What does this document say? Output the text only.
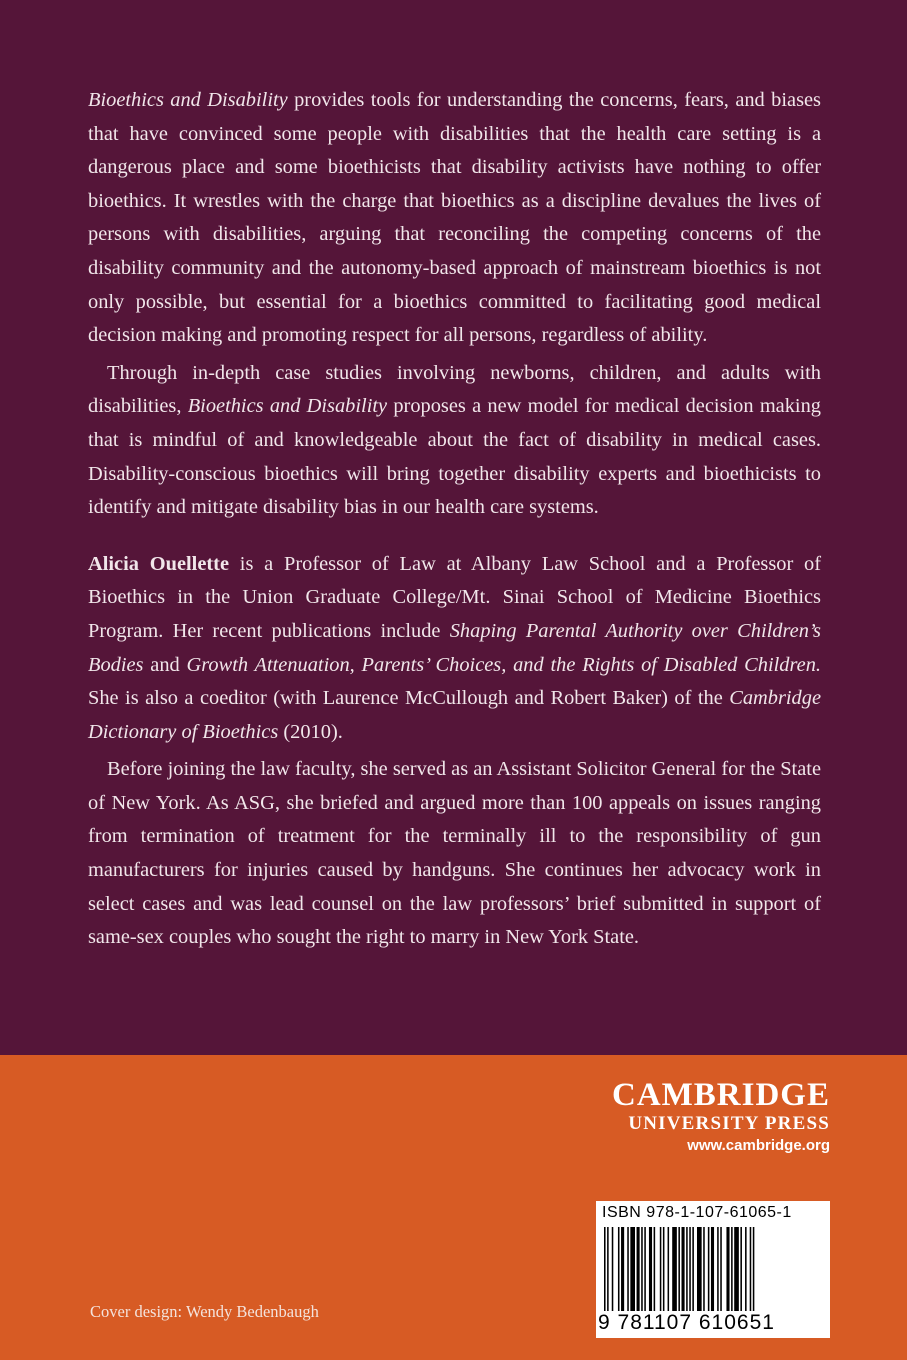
Bioethics and Disability provides tools for understanding the concerns, fears, and biases that have convinced some people with disabilities that the health care setting is a dangerous place and some bioethicists that disability activists have nothing to offer bioethics. It wrestles with the charge that bioethics as a discipline devalues the lives of persons with disabilities, arguing that reconciling the competing concerns of the disability community and the autonomy-based approach of mainstream bioethics is not only possible, but essential for a bioethics committed to facilitating good medical decision making and promoting respect for all persons, regardless of ability.

Through in-depth case studies involving newborns, children, and adults with disabilities, Bioethics and Disability proposes a new model for medical decision making that is mindful of and knowledgeable about the fact of disability in medical cases. Disability-conscious bioethics will bring together disability experts and bioethicists to identify and mitigate disability bias in our health care systems.

Alicia Ouellette is a Professor of Law at Albany Law School and a Professor of Bioethics in the Union Graduate College/Mt. Sinai School of Medicine Bioethics Program. Her recent publications include Shaping Parental Authority over Children’s Bodies and Growth Attenuation, Parents’ Choices, and the Rights of Disabled Children. She is also a coeditor (with Laurence McCullough and Robert Baker) of the Cambridge Dictionary of Bioethics (2010).

Before joining the law faculty, she served as an Assistant Solicitor General for the State of New York. As ASG, she briefed and argued more than 100 appeals on issues ranging from termination of treatment for the terminally ill to the responsibility of gun manufacturers for injuries caused by handguns. She continues her advocacy work in select cases and was lead counsel on the law professors’ brief submitted in support of same-sex couples who sought the right to marry in New York State.

CAMBRIDGE
UNIVERSITY PRESS
www.cambridge.org
ISBN 978-1-107-61065-1
9 781107 610651
Cover design: Wendy Bedenbaugh
